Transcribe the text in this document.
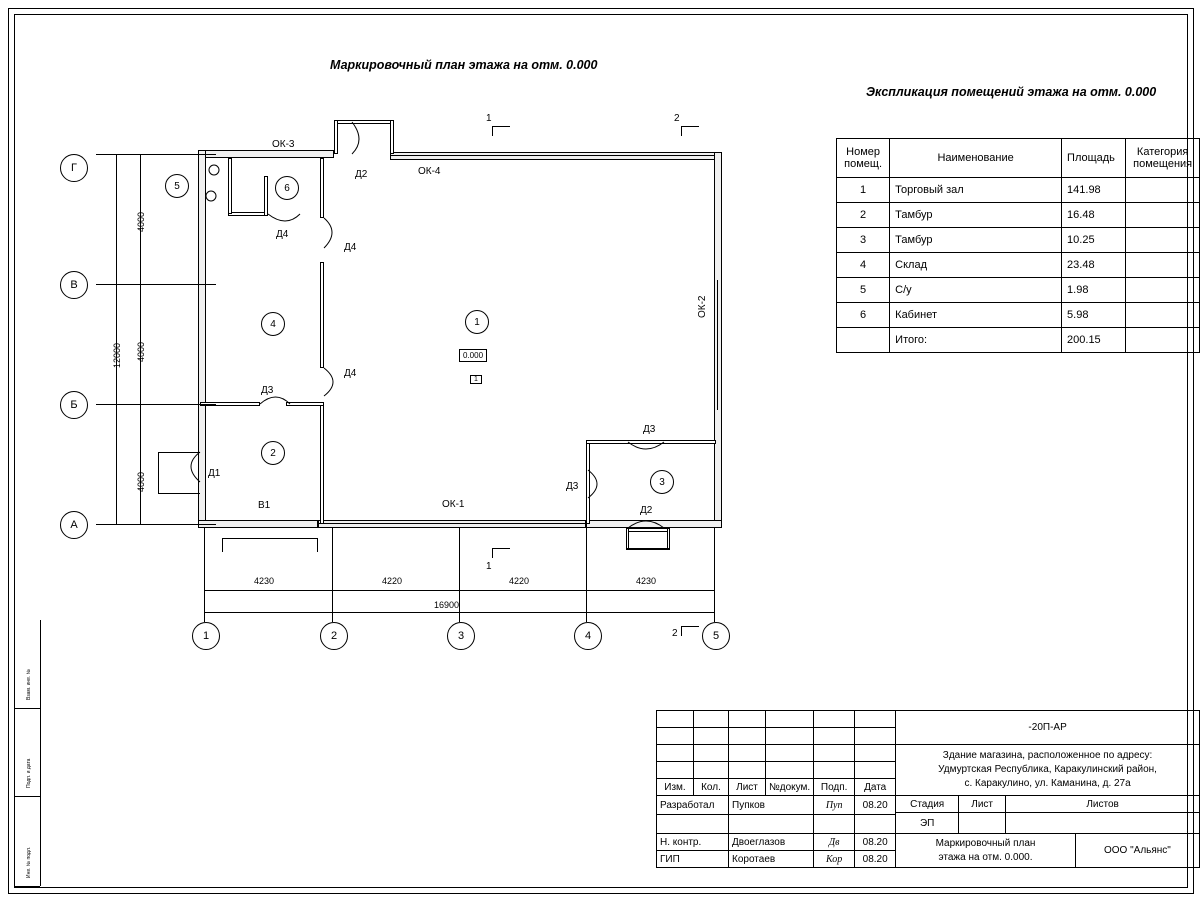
Взам. инв. №
Подп. и дата
Инв. № подл.
Маркировочный план этажа на отм. 0.000
Экспликация помещений этажа на отм. 0.000
1
2
3
4
5	6
0.000
1
ОК-3
ОК-4
ОК-2
ОК-1
Д2
Д4
Д4
Д3
Д4
Д1
Д3
Д3
Д2
В1
Г
В
Б
А
1	2	3	4	5
4000
4000
4000
12000
4230	4220	4220	4230
16900
1	2
1
2
Номер помещ.	Наименование	Площадь	Категория помещения
1	Торговый зал	141.98	
2	Тамбур	16.48	
3	Тамбур	10.25	
4	Склад	23.48	
5	С/у	1.98	
6	Кабинет	5.98	
	Итого:	200.15	
						-20П-АР

Здание магазина, расположенное по адресу:
Удмуртская Республика, Каракулинский район,
с. Каракулино, ул. Каманина, д. 27а

Изм.	Кол.	Лист	№докум.	Подп.	Дата
Разработал	Пупков	Пуп	08.20	Стадия	Лист	Листов
ЭП		

Н. контр.	Двоеглазов	Дв	08.20	Маркировочный план
этажа на отм. 0.000.
	ООО "Альянс"
ГИП	Коротаев	Кор	08.20
